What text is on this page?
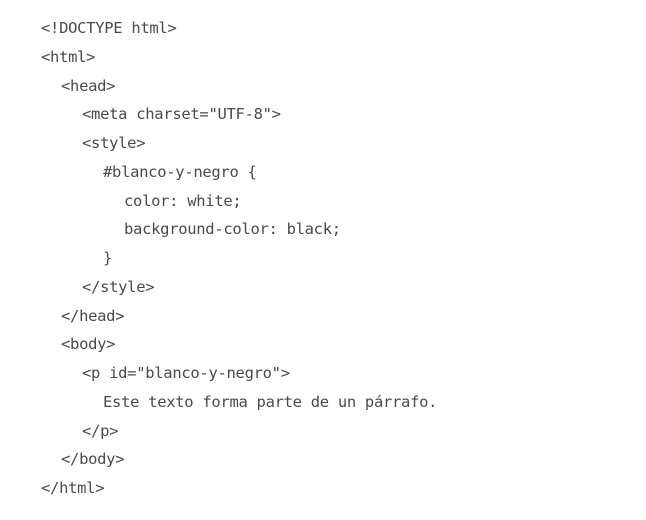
<!DOCTYPE html>
<html>
<head>
<meta charset="UTF-8">
<style>
#blanco-y-negro {
color: white;
background-color: black;
}
</style>
</head>
<body>
<p id="blanco-y-negro">
Este texto forma parte de un párrafo.
</p>
</body>
</html>
